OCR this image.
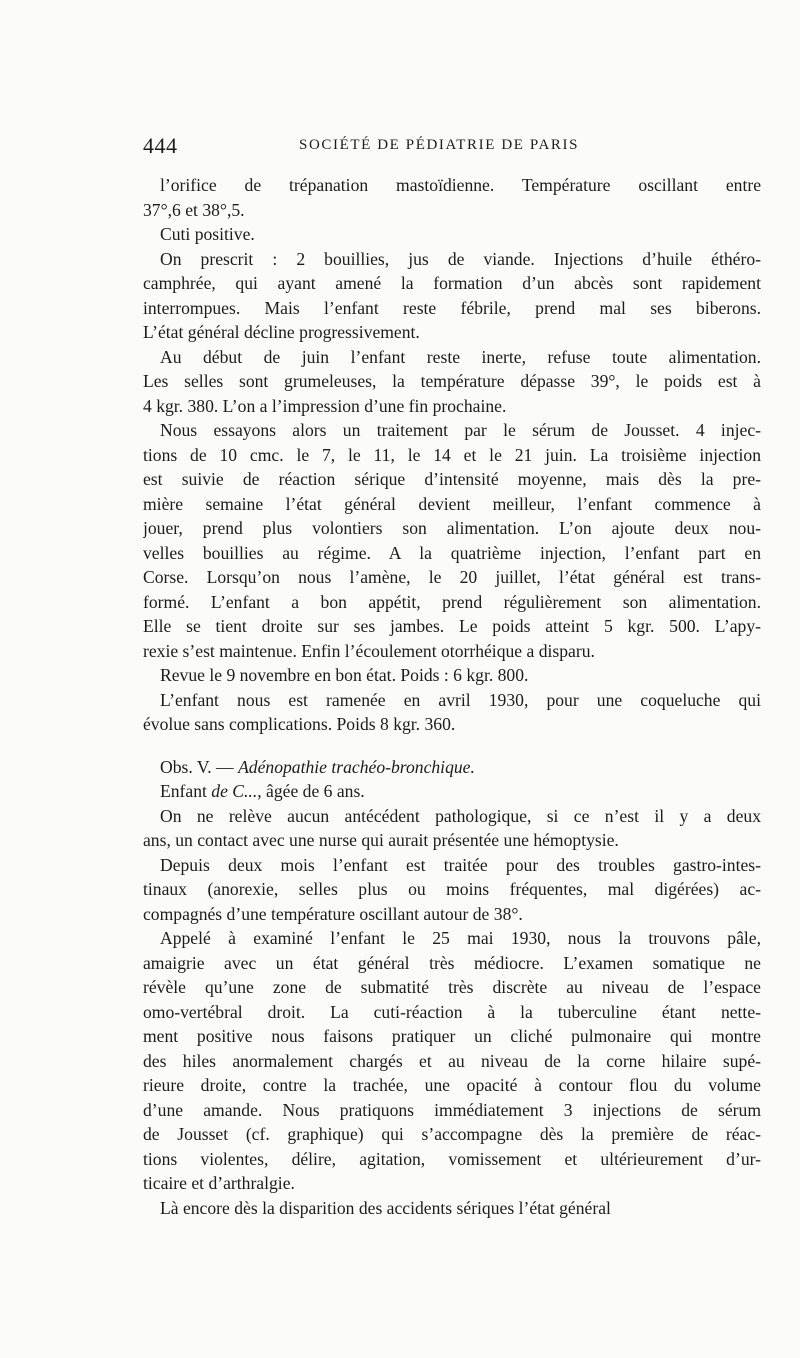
444	SOCIÉTÉ DE PÉDIATRIE DE PARIS
l’orifice de trépanation mastoïdienne. Température oscillant entre
37°,6 et 38°,5.
Cuti positive.
On prescrit : 2 bouillies, jus de viande. Injections d’huile éthéro-
camphrée, qui ayant amené la formation d’un abcès sont rapidement
interrompues. Mais l’enfant reste fébrile, prend mal ses biberons.
L’état général décline progressivement.
Au début de juin l’enfant reste inerte, refuse toute alimentation.
Les selles sont grumeleuses, la température dépasse 39°, le poids est à
4 kgr. 380. L’on a l’impression d’une fin prochaine.
Nous essayons alors un traitement par le sérum de Jousset. 4 injec-
tions de 10 cmc. le 7, le 11, le 14 et le 21 juin. La troisième injection
est suivie de réaction sérique d’intensité moyenne, mais dès la pre-
mière semaine l’état général devient meilleur, l’enfant commence à
jouer, prend plus volontiers son alimentation. L’on ajoute deux nou-
velles bouillies au régime. A la quatrième injection, l’enfant part en
Corse. Lorsqu’on nous l’amène, le 20 juillet, l’état général est trans-
formé. L’enfant a bon appétit, prend régulièrement son alimentation.
Elle se tient droite sur ses jambes. Le poids atteint 5 kgr. 500. L’apy-
rexie s’est maintenue. Enfin l’écoulement otorrhéique a disparu.
Revue le 9 novembre en bon état. Poids : 6 kgr. 800.
L’enfant nous est ramenée en avril 1930, pour une coqueluche qui
évolue sans complications. Poids 8 kgr. 360.
Obs. V. — Adénopathie trachéo-bronchique.
Enfant de C..., âgée de 6 ans.
On ne relève aucun antécédent pathologique, si ce n’est il y a deux
ans, un contact avec une nurse qui aurait présentée une hémoptysie.
Depuis deux mois l’enfant est traitée pour des troubles gastro-intes-
tinaux (anorexie, selles plus ou moins fréquentes, mal digérées) ac-
compagnés d’une température oscillant autour de 38°.
Appelé à examiné l’enfant le 25 mai 1930, nous la trouvons pâle,
amaigrie avec un état général très médiocre. L’examen somatique ne
révèle qu’une zone de submatité très discrète au niveau de l’espace
omo-vertébral droit. La cuti-réaction à la tuberculine étant nette-
ment positive nous faisons pratiquer un cliché pulmonaire qui montre
des hiles anormalement chargés et au niveau de la corne hilaire supé-
rieure droite, contre la trachée, une opacité à contour flou du volume
d’une amande. Nous pratiquons immédiatement 3 injections de sérum
de Jousset (cf. graphique) qui s’accompagne dès la première de réac-
tions violentes, délire, agitation, vomissement et ultérieurement d’ur-
ticaire et d’arthralgie.
Là encore dès la disparition des accidents sériques l’état général
